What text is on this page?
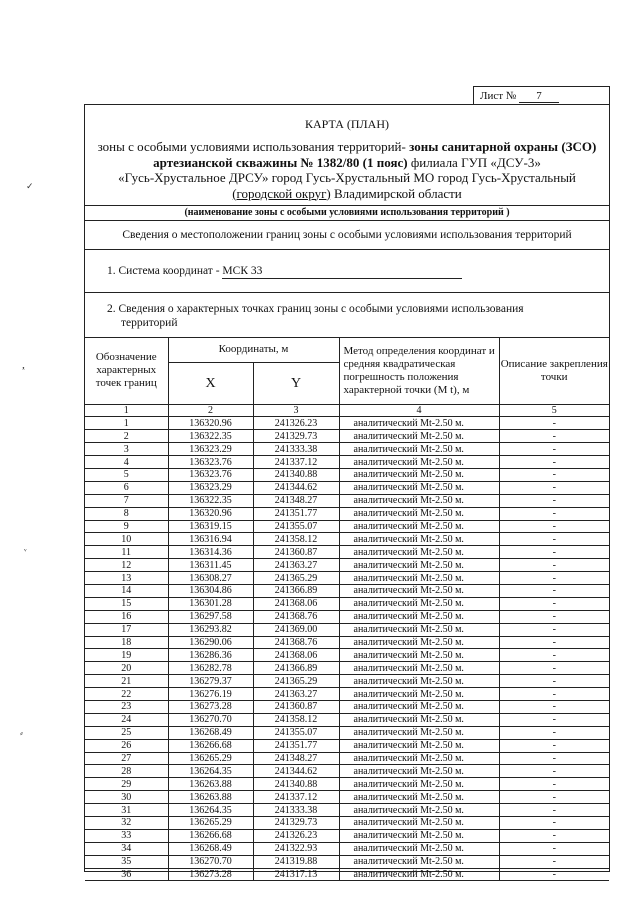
✓
ᵜ
ᵛ
⸗
Лист № 7
КАРТА (ПЛАН)
зоны с особыми условиями использования территорий- зоны санитарной охраны (ЗСО)
артезианской скважины № 1382/80 (1 пояс) филиала ГУП «ДСУ-3»
«Гусь-Хрустальное ДРСУ» город Гусь-Хрустальный МО город Гусь-Хрустальный
(городской округ) Владимирской области
(наименование зоны с особыми условиями использования территорий )
Сведения о местоположении границ зоны с особыми условиями использования территорий
1. Система координат - МСК 33
2. Сведения о характерных точках границ зоны с особыми условиями использования
территорий
Обозначение характерных точек границ	Координаты, м		Метод определения координат и средняя квадратическая погрешность положения характерной точки (M t), м	Описание закрепления точки
	X	Y		
1	2	3	4	5
1	136320.96	241326.23	аналитический Mt-2.50 м.	-
2	136322.35	241329.73	аналитический Mt-2.50 м.	-
3	136323.29	241333.38	аналитический Mt-2.50 м.	-
4	136323.76	241337.12	аналитический Mt-2.50 м.	-
5	136323.76	241340.88	аналитический Mt-2.50 м.	-
6	136323.29	241344.62	аналитический Mt-2.50 м.	-
7	136322.35	241348.27	аналитический Mt-2.50 м.	-
8	136320.96	241351.77	аналитический Mt-2.50 м.	-
9	136319.15	241355.07	аналитический Mt-2.50 м.	-
10	136316.94	241358.12	аналитический Mt-2.50 м.	-
11	136314.36	241360.87	аналитический Mt-2.50 м.	-
12	136311.45	241363.27	аналитический Mt-2.50 м.	-
13	136308.27	241365.29	аналитический Mt-2.50 м.	-
14	136304.86	241366.89	аналитический Mt-2.50 м.	-
15	136301.28	241368.06	аналитический Mt-2.50 м.	-
16	136297.58	241368.76	аналитический Mt-2.50 м.	-
17	136293.82	241369.00	аналитический Mt-2.50 м.	-
18	136290.06	241368.76	аналитический Mt-2.50 м.	-
19	136286.36	241368.06	аналитический Mt-2.50 м.	-
20	136282.78	241366.89	аналитический Mt-2.50 м.	-
21	136279.37	241365.29	аналитический Mt-2.50 м.	-
22	136276.19	241363.27	аналитический Mt-2.50 м.	-
23	136273.28	241360.87	аналитический Mt-2.50 м.	-
24	136270.70	241358.12	аналитический Mt-2.50 м.	-
25	136268.49	241355.07	аналитический Mt-2.50 м.	-
26	136266.68	241351.77	аналитический Mt-2.50 м.	-
27	136265.29	241348.27	аналитический Mt-2.50 м.	-
28	136264.35	241344.62	аналитический Mt-2.50 м.	-
29	136263.88	241340.88	аналитический Mt-2.50 м.	-
30	136263.88	241337.12	аналитический Mt-2.50 м.	-
31	136264.35	241333.38	аналитический Mt-2.50 м.	-
32	136265.29	241329.73	аналитический Mt-2.50 м.	-
33	136266.68	241326.23	аналитический Mt-2.50 м.	-
34	136268.49	241322.93	аналитический Mt-2.50 м.	-
35	136270.70	241319.88	аналитический Mt-2.50 м.	-
36	136273.28	241317.13	аналитический Mt-2.50 м.	-
